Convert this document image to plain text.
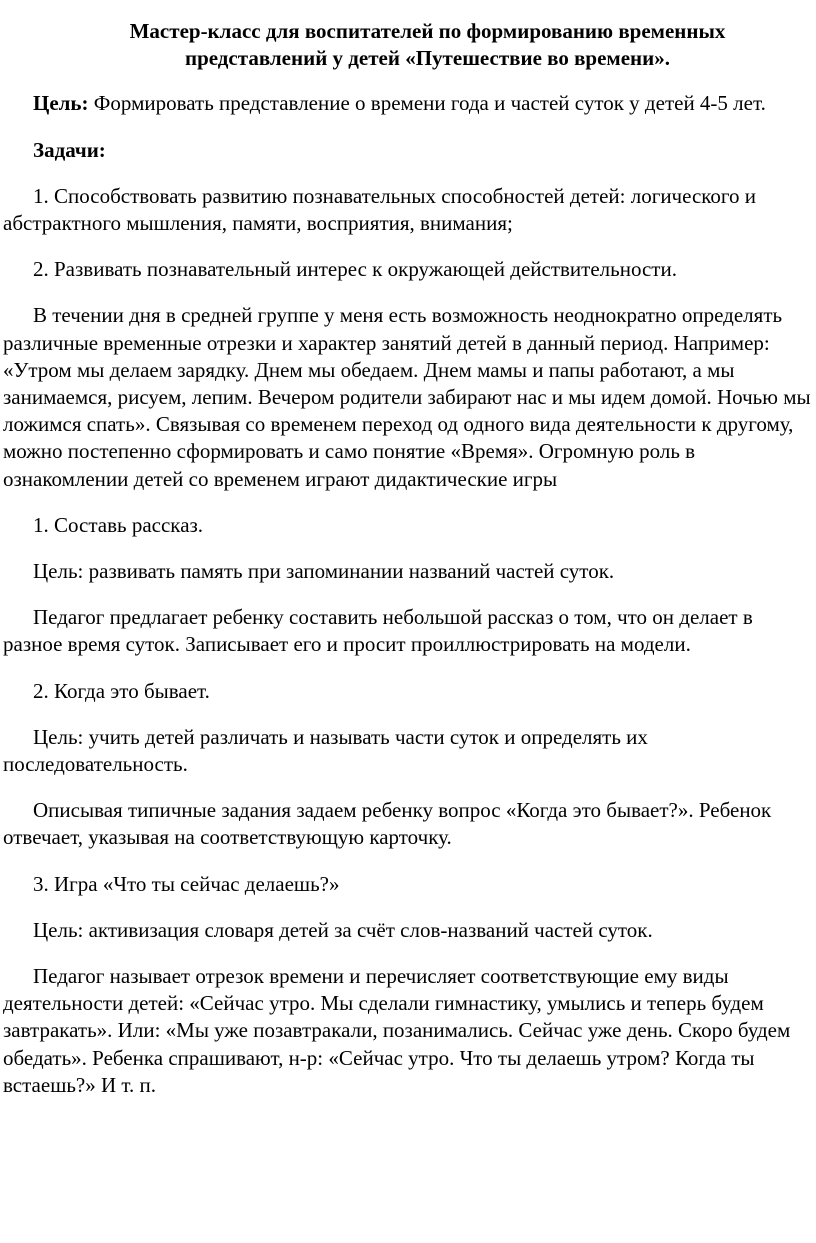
Мастер-класс для воспитателей по формированию временных
представлений у детей «Путешествие во времени».

Цель: Формировать представление о времени года и частей суток у детей 4-5 лет.

Задачи:

1. Способствовать развитию познавательных способностей детей: логического и абстрактного мышления, памяти, восприятия, внимания;

2. Развивать познавательный интерес к окружающей действительности.

В течении дня в средней группе у меня есть возможность неоднократно определять различные временные отрезки и характер занятий детей в данный период. Например: «Утром мы делаем зарядку. Днем мы обедаем. Днем мамы и папы работают, а мы занимаемся, рисуем, лепим. Вечером родители забирают нас и мы идем домой. Ночью мы ложимся спать». Связывая со временем переход од одного вида деятельности к другому, можно постепенно сформировать и само понятие «Время». Огромную роль в ознакомлении детей со временем играют дидактические игры

1. Составь рассказ.

Цель: развивать память при запоминании названий частей суток.

Педагог предлагает ребенку составить небольшой рассказ о том, что он делает в разное время суток. Записывает его и просит проиллюстрировать на модели.

2. Когда это бывает.

Цель: учить детей различать и называть части суток и определять их последовательность.

Описывая типичные задания задаем ребенку вопрос «Когда это бывает?». Ребенок отвечает, указывая на соответствующую карточку.

3. Игра «Что ты сейчас делаешь?»

Цель: активизация словаря детей за счёт слов-названий частей суток.

Педагог называет отрезок времени и перечисляет соответствующие ему виды деятельности детей: «Сейчас утро. Мы сделали гимнастику, умылись и теперь будем завтракать». Или: «Мы уже позавтракали, позанимались. Сейчас уже день. Скоро будем обедать». Ребенка спрашивают, н-р: «Сейчас утро. Что ты делаешь утром? Когда ты встаешь?» И т. п.
